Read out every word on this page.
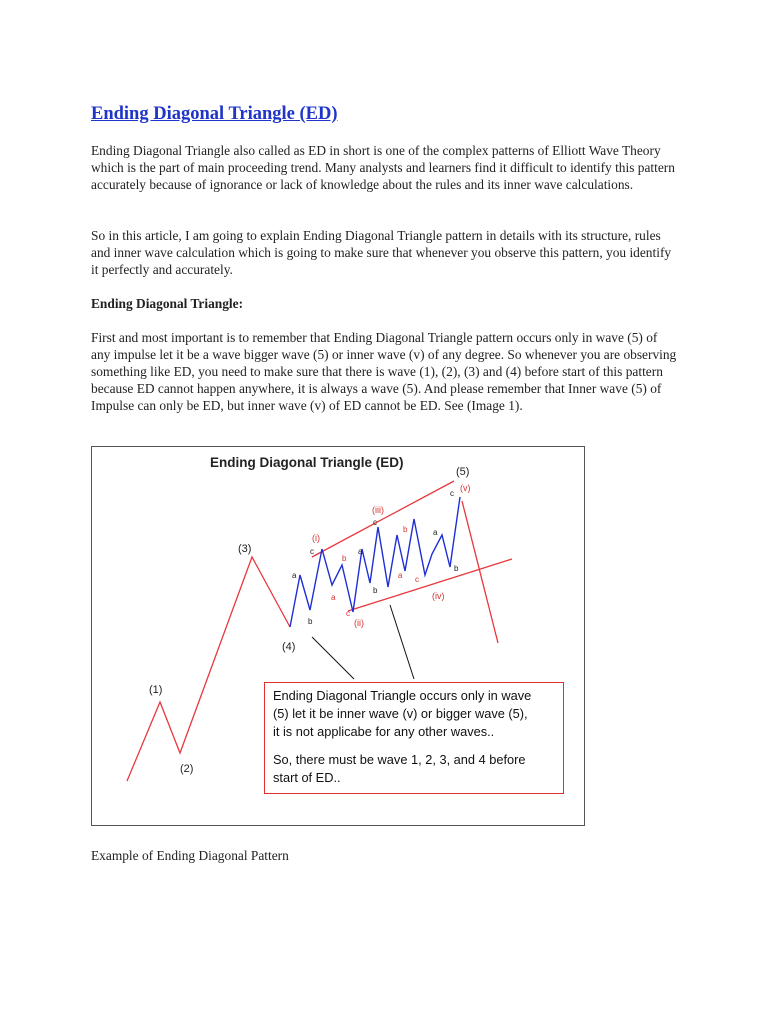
Ending Diagonal Triangle (ED)

Ending Diagonal Triangle also called as ED in short is one of the complex patterns of Elliott Wave Theory which is the part of main proceeding trend. Many analysts and learners find it difficult to identify this pattern accurately because of ignorance or lack of knowledge about the rules and its inner wave calculations.

So in this article, I am going to explain Ending Diagonal Triangle pattern in details with its structure, rules and inner wave calculation which is going to make sure that whenever you observe this pattern, you identify it perfectly and accurately.

Ending Diagonal Triangle:

First and most important is to remember that Ending Diagonal Triangle pattern occurs only in wave (5) of any impulse let it be a wave bigger wave (5) or inner wave (v) of any degree. So whenever you are observing something like ED, you need to make sure that there is wave (1), (2), (3) and (4) before start of this pattern because ED cannot happen anywhere, it is always a wave (5). And please remember that Inner wave (5) of Impulse can only be ED, but inner wave (v) of ED cannot be ED. See (Image 1).

Example of Ending Diagonal Pattern

Ending Diagonal Triangle (ED)
(1)
(2)
(3)
(4)
(5)
(i)
(ii)
(iii)
(iv)
(v)
a
b
c
a
b
c
a
b
c
a
b
c
a
b
c
Ending Diagonal Triangle occurs only in wave
(5) let it be inner wave (v) or bigger wave (5),
it is not applicabe for any other waves..
So, there must be wave 1, 2, 3, and 4 before
start of ED..
